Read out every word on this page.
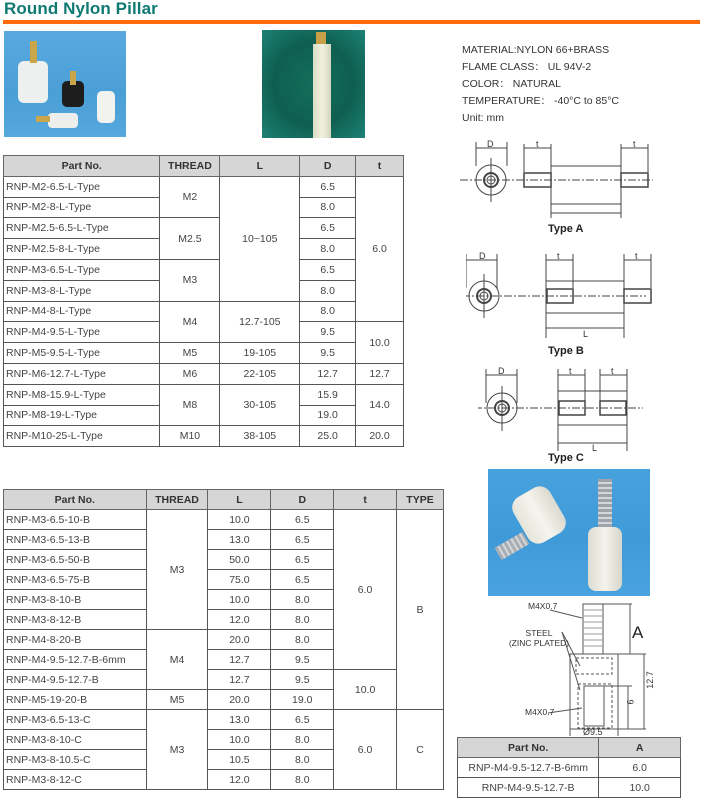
Round Nylon Pillar
MATERIAL:NYLON 66+BRASS
FLAME CLASS： UL 94V-2
COLOR： NATURAL
TEMPERATURE： -40°C to 85°C
Unit: mm
Part No.	THREAD	L	D	t
RNP-M2-6.5-L-Type	M2	10~105	6.5	6.0
RNP-M2-8-L-Type			8.0	
RNP-M2.5-6.5-L-Type	M2.5		6.5	
RNP-M2.5-8-L-Type			8.0	
RNP-M3-6.5-L-Type	M3		6.5	
RNP-M3-8-L-Type			8.0	
RNP-M4-8-L-Type	M4	12.7-105	8.0	
RNP-M4-9.5-L-Type			9.5	10.0
RNP-M5-9.5-L-Type	M5	19-105	9.5	
RNP-M6-12.7-L-Type	M6	22-105	12.7	12.7
RNP-M8-15.9-L-Type	M8	30-105	15.9	14.0
RNP-M8-19-L-Type			19.0	
RNP-M10-25-L-Type	M10	38-105	25.0	20.0
Part No.	THREAD	L	D	t	TYPE
RNP-M3-6.5-10-B	M3	10.0	6.5	6.0	B
RNP-M3-6.5-13-B		13.0	6.5		
RNP-M3-6.5-50-B		50.0	6.5		
RNP-M3-6.5-75-B		75.0	6.5		
RNP-M3-8-10-B		10.0	8.0		
RNP-M3-8-12-B		12.0	8.0		
RNP-M4-8-20-B	M4	20.0	8.0		
RNP-M4-9.5-12.7-B-6mm		12.7	9.5		
RNP-M4-9.5-12.7-B		12.7	9.5	10.0	
RNP-M5-19-20-B	M5	20.0	19.0		
RNP-M3-6.5-13-C	M3	13.0	6.5	6.0	C
RNP-M3-8-10-C		10.0	8.0		
RNP-M3-8-10.5-C		10.5	8.0		
RNP-M3-8-12-C		12.0	8.0		
D	t	t
Type A
D	t	t
L
Type B
D	t	t
L
Type C
A
M4X0.7
STEEL
(ZINC PLATED)
M4X0.7
12.7
6
Ø9.5
Part No.	A
RNP-M4-9.5-12.7-B-6mm	6.0
RNP-M4-9.5-12.7-B	10.0
